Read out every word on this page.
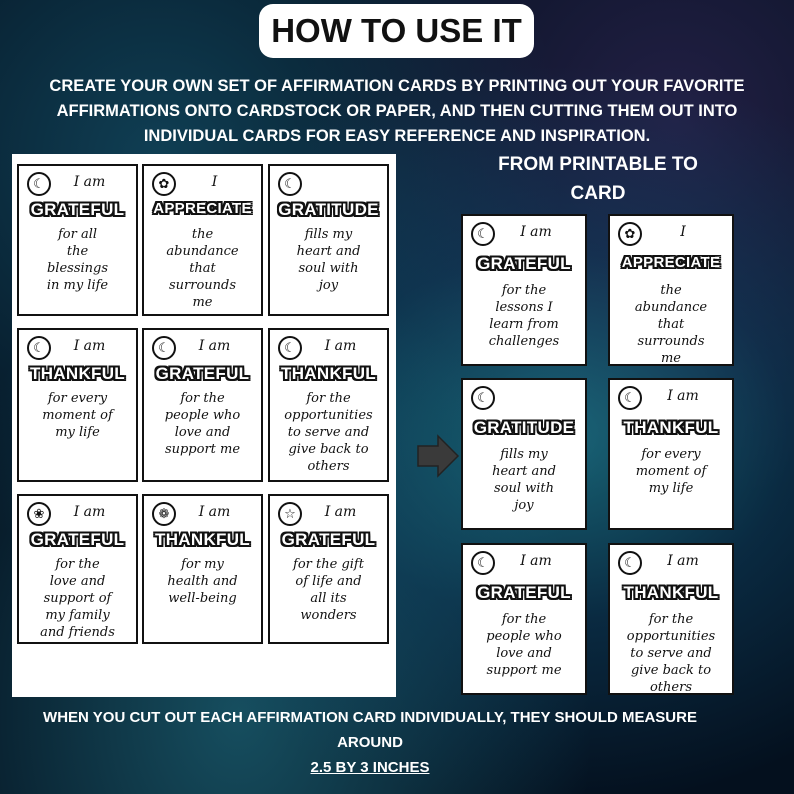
HOW TO USE IT
CREATE YOUR OWN SET OF AFFIRMATION CARDS BY PRINTING OUT YOUR FAVORITE AFFIRMATIONS ONTO CARDSTOCK OR PAPER, AND THEN CUTTING THEM OUT INTO INDIVIDUAL CARDS FOR EASY REFERENCE AND INSPIRATION.
☾	I am
GRATEFUL
for all
the
blessings
in my life
✿	I
APPRECIATE
the
abundance
that
surrounds
me
☾
GRATITUDE
fills my
heart and
soul with
joy
☾	I am
THANKFUL
for every
moment of
my life
☾	I am
GRATEFUL
for the
people who
love and
support me
☾	I am
THANKFUL
for the
opportunities
to serve and
give back to
others
❀	I am
GRATEFUL
for the
love and
support of
my family
and friends
❁	I am
THANKFUL
for my
health and
well-being
☆	I am
GRATEFUL
for the gift
of life and
all its
wonders
FROM PRINTABLE TO CARD
☾	I am
GRATEFUL
for the
lessons I
learn from
challenges
✿	I
APPRECIATE
the
abundance
that
surrounds
me
☾
GRATITUDE
fills my
heart and
soul with
joy
☾	I am
THANKFUL
for every
moment of
my life
☾	I am
GRATEFUL
for the
people who
love and
support me
☾	I am
THANKFUL
for the
opportunities
to serve and
give back to
others
WHEN YOU CUT OUT EACH AFFIRMATION CARD INDIVIDUALLY, THEY SHOULD MEASURE AROUND
2.5 BY 3 INCHES
